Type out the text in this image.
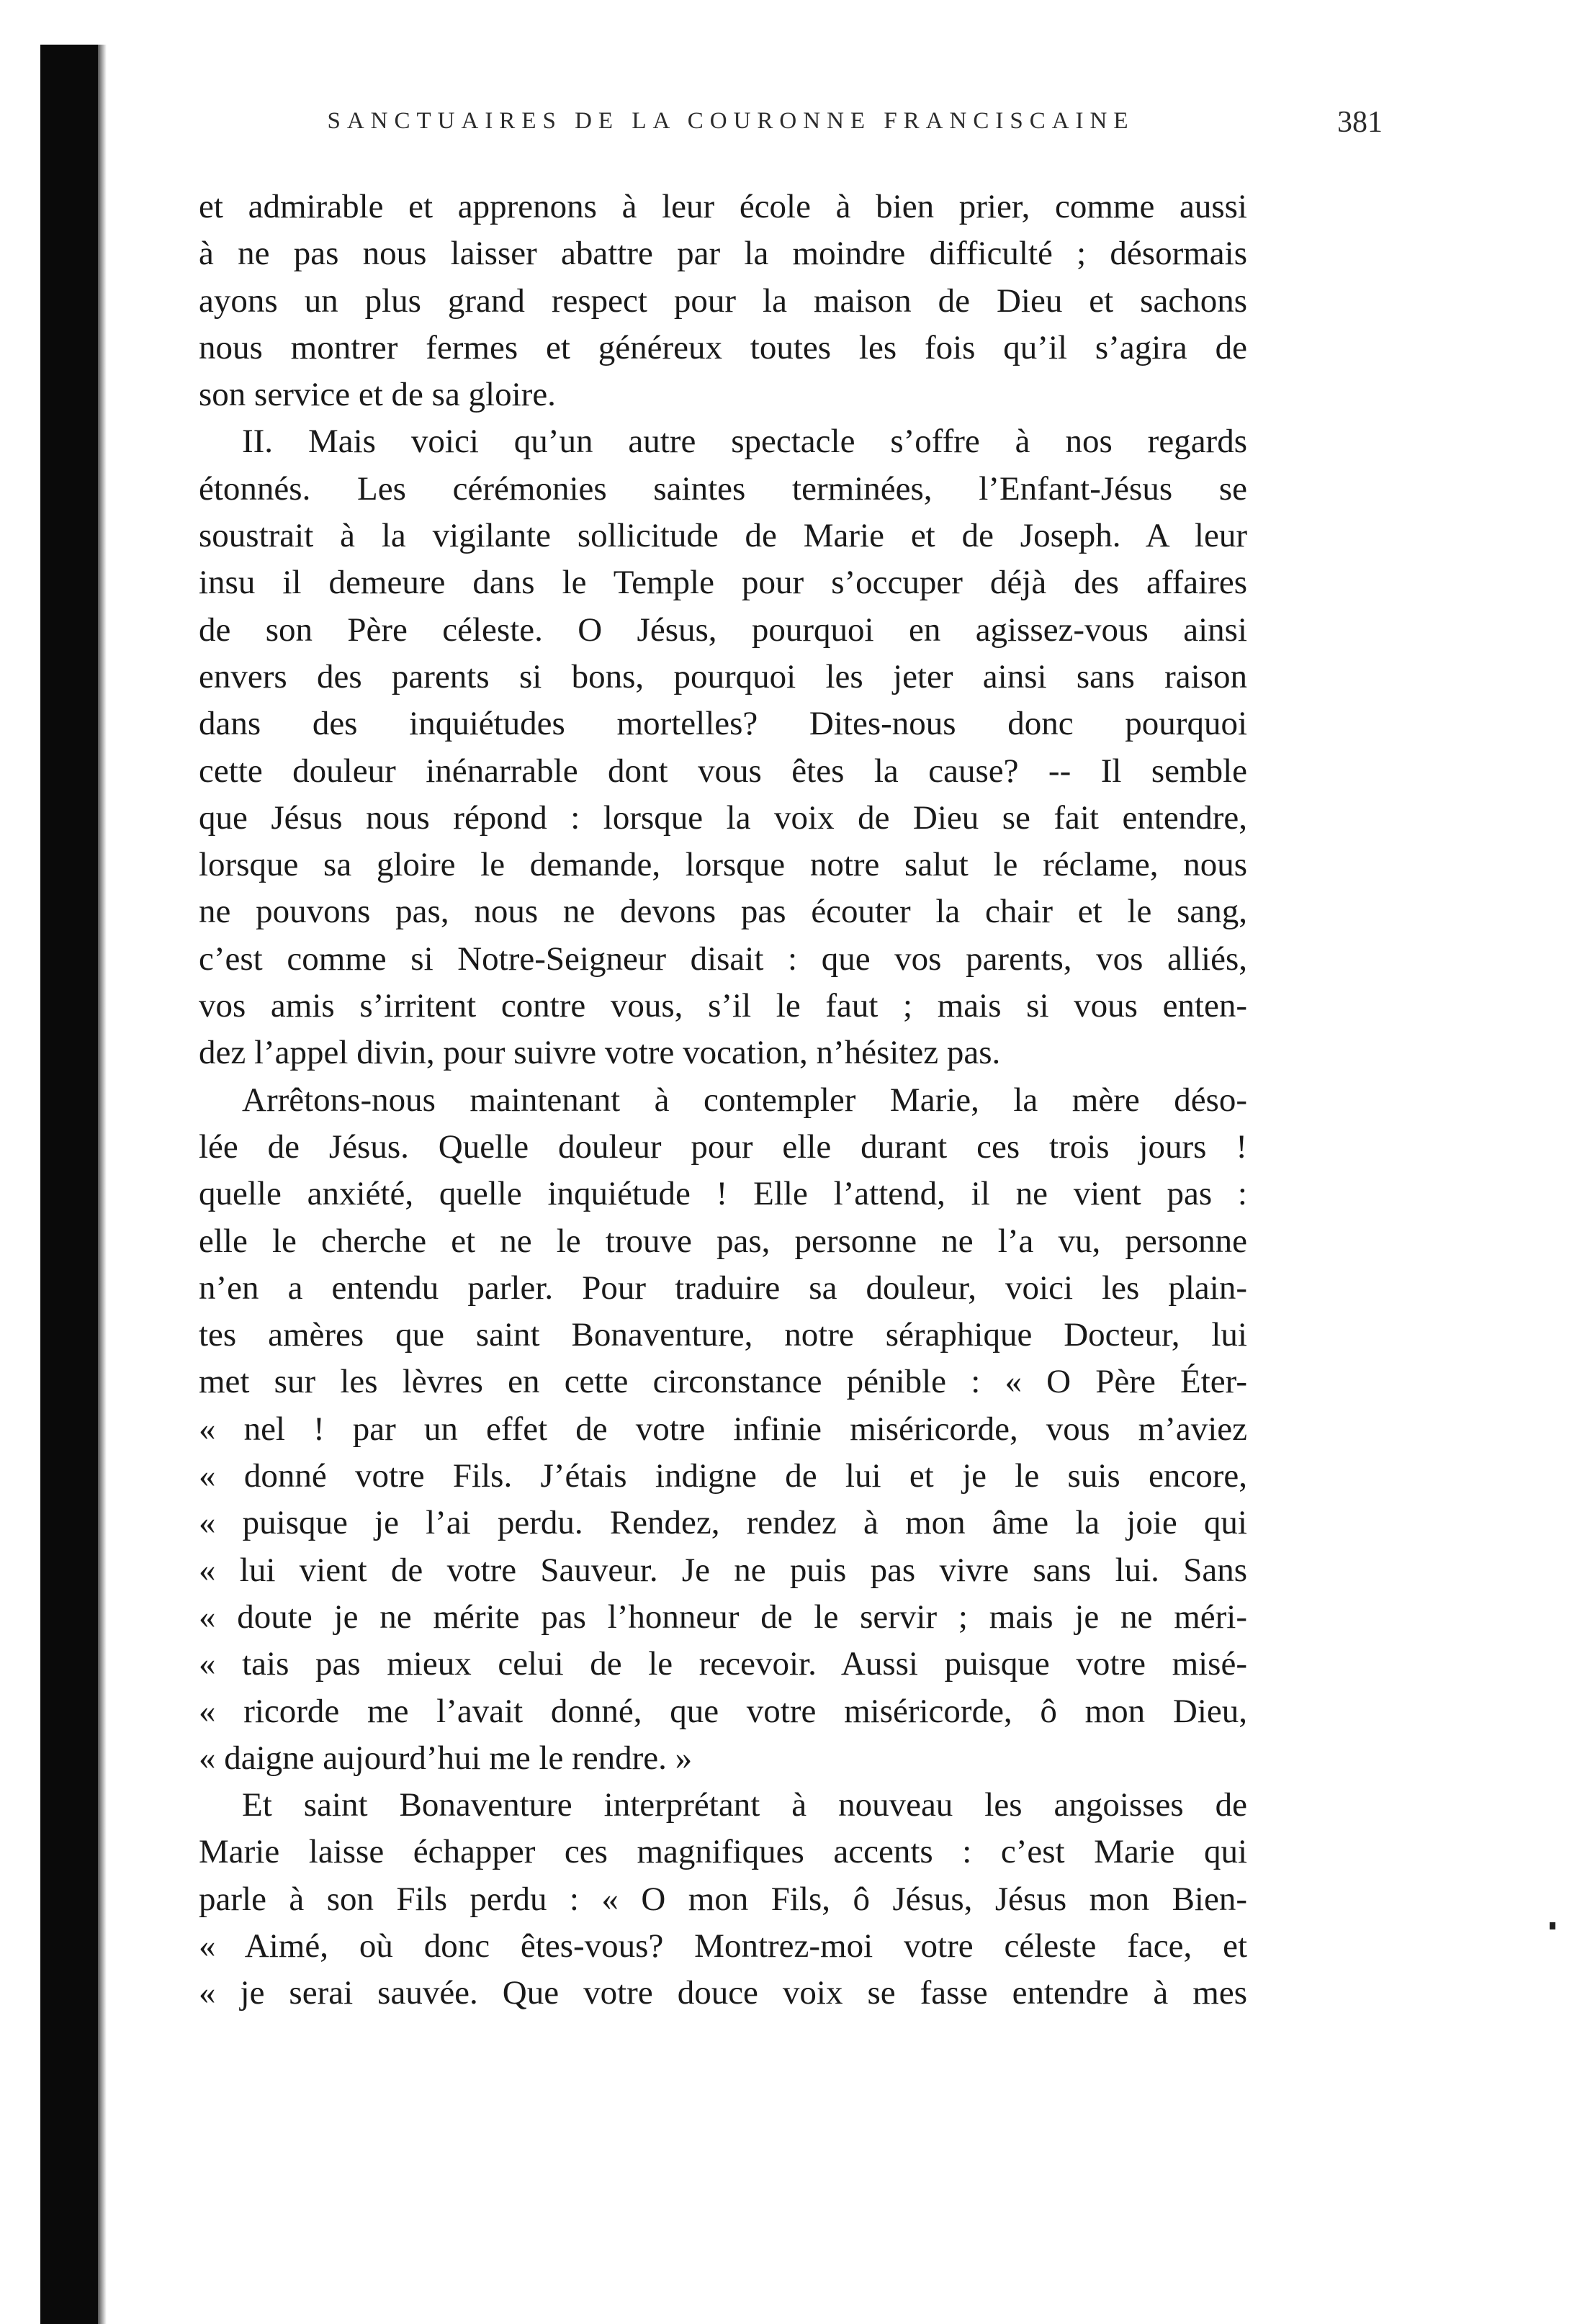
SANCTUAIRES DE LA COURONNE FRANCISCAINE	381
et admirable et apprenons à leur école à bien prier, comme aussi
à ne pas nous laisser abattre par la moindre difficulté ; désormais
ayons un plus grand respect pour la maison de Dieu et sachons
nous montrer fermes et généreux toutes les fois qu’il s’agira de
son service et de sa gloire.
II. Mais voici qu’un autre spectacle s’offre à nos regards
étonnés. Les cérémonies saintes terminées, l’Enfant-Jésus se
soustrait à la vigilante sollicitude de Marie et de Joseph. A leur
insu il demeure dans le Temple pour s’occuper déjà des affaires
de son Père céleste. O Jésus, pourquoi en agissez-vous ainsi
envers des parents si bons, pourquoi les jeter ainsi sans raison
dans des inquiétudes mortelles? Dites-nous donc pourquoi
cette douleur inénarrable dont vous êtes la cause? -- Il semble
que Jésus nous répond : lorsque la voix de Dieu se fait entendre,
lorsque sa gloire le demande, lorsque notre salut le réclame, nous
ne pouvons pas, nous ne devons pas écouter la chair et le sang,
c’est comme si Notre-Seigneur disait : que vos parents, vos alliés,
vos amis s’irritent contre vous, s’il le faut ; mais si vous enten-
dez l’appel divin, pour suivre votre vocation, n’hésitez pas.
Arrêtons-nous maintenant à contempler Marie, la mère déso-
lée de Jésus. Quelle douleur pour elle durant ces trois jours !
quelle anxiété, quelle inquiétude ! Elle l’attend, il ne vient pas :
elle le cherche et ne le trouve pas, personne ne l’a vu, personne
n’en a entendu parler. Pour traduire sa douleur, voici les plain-
tes amères que saint Bonaventure, notre séraphique Docteur, lui
met sur les lèvres en cette circonstance pénible : « O Père Éter-
« nel ! par un effet de votre infinie miséricorde, vous m’aviez
« donné votre Fils. J’étais indigne de lui et je le suis encore,
« puisque je l’ai perdu. Rendez, rendez à mon âme la joie qui
« lui vient de votre Sauveur. Je ne puis pas vivre sans lui. Sans
« doute je ne mérite pas l’honneur de le servir ; mais je ne méri-
« tais pas mieux celui de le recevoir. Aussi puisque votre misé-
« ricorde me l’avait donné, que votre miséricorde, ô mon Dieu,
« daigne aujourd’hui me le rendre. »
Et saint Bonaventure interprétant à nouveau les angoisses de
Marie laisse échapper ces magnifiques accents : c’est Marie qui
parle à son Fils perdu : « O mon Fils, ô Jésus, Jésus mon Bien-
« Aimé, où donc êtes-vous? Montrez-moi votre céleste face, et
« je serai sauvée. Que votre douce voix se fasse entendre à mes
